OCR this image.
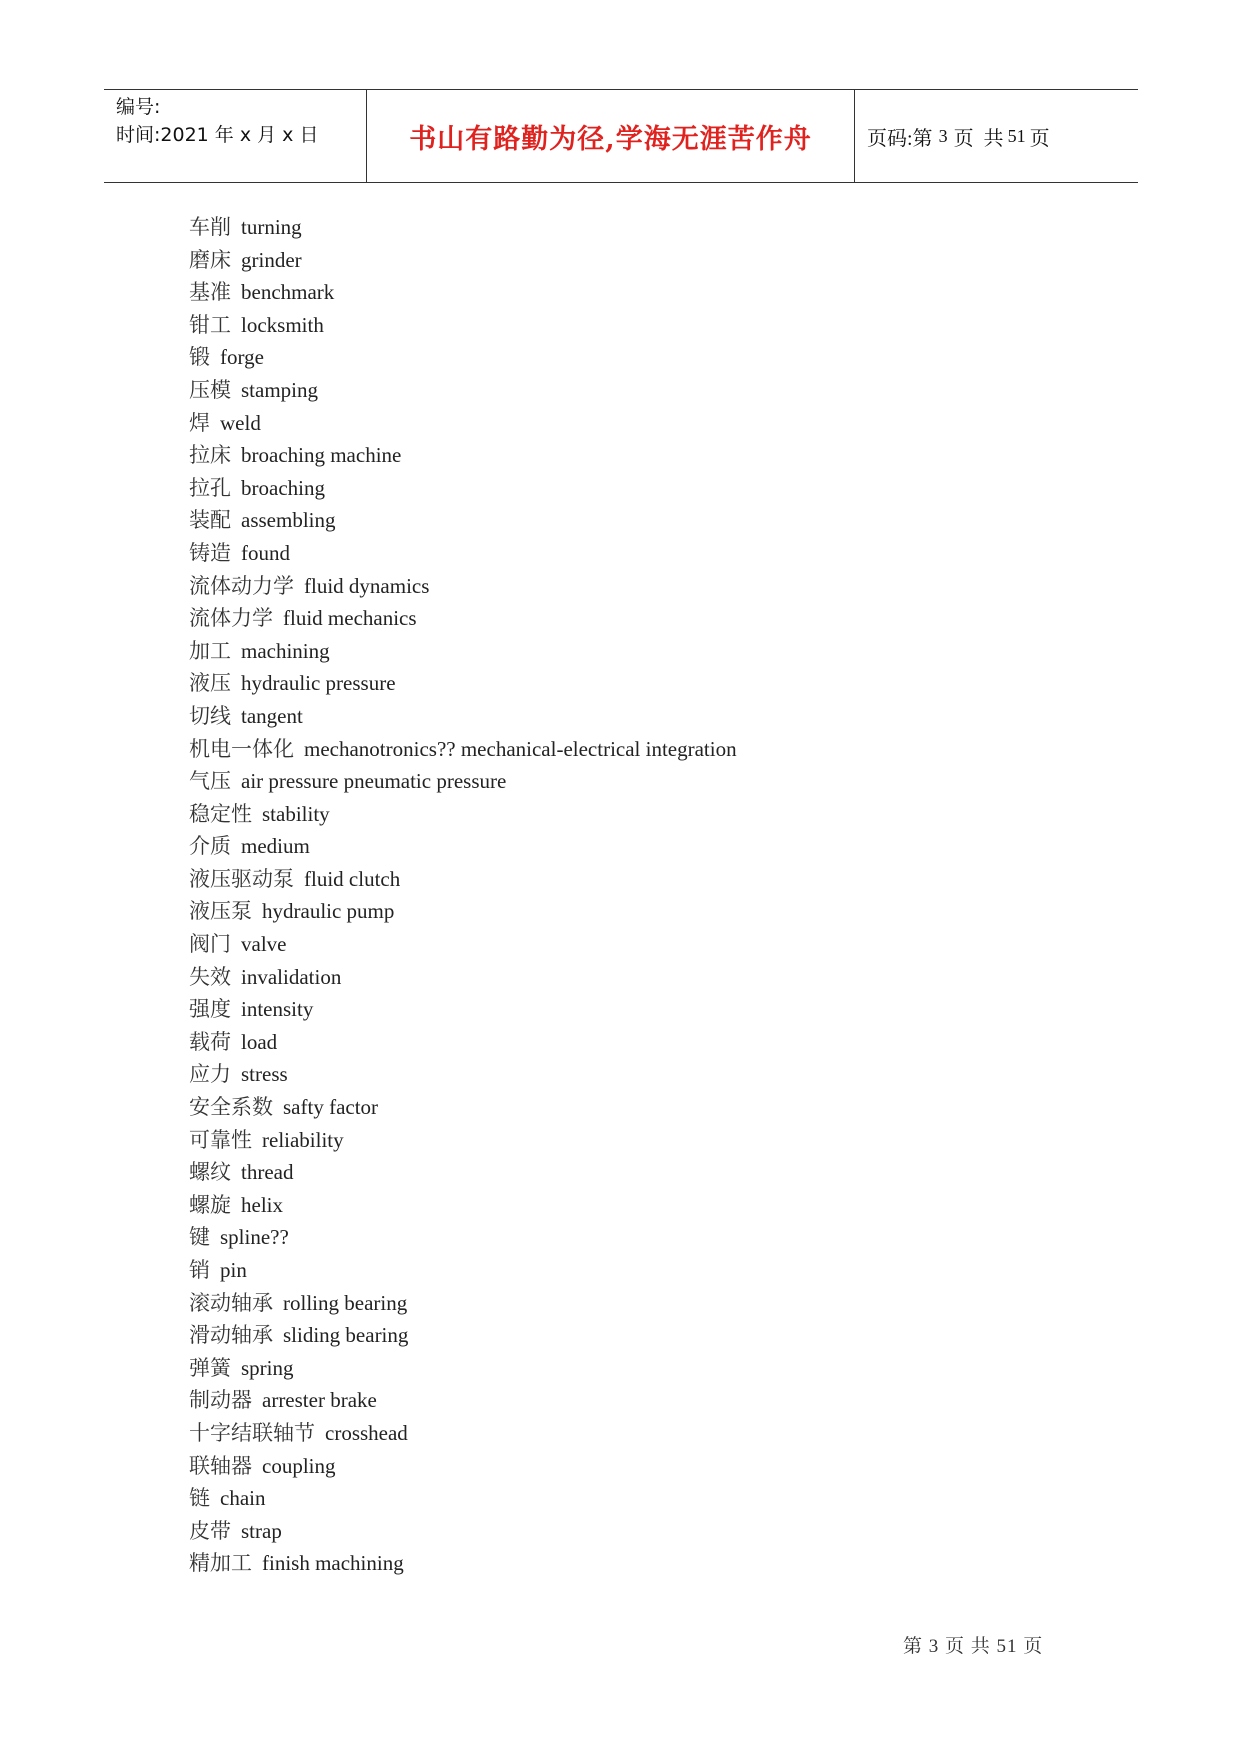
编号:
时间:2021 年 x 月 x 日	书山有路勤为径,学海无涯苦作舟	页码:第 3 页  共 51 页
车削 turning
磨床 grinder
基准 benchmark
钳工 locksmith
锻 forge
压模 stamping
焊 weld
拉床 broaching machine
拉孔 broaching
装配 assembling
铸造 found
流体动力学 fluid dynamics
流体力学 fluid mechanics
加工 machining
液压 hydraulic pressure
切线 tangent
机电一体化 mechanotronics?? mechanical-electrical integration
气压 air pressure pneumatic pressure
稳定性 stability
介质 medium
液压驱动泵 fluid clutch
液压泵 hydraulic pump
阀门 valve
失效 invalidation
强度 intensity
载荷 load
应力 stress
安全系数 safty factor
可靠性 reliability
螺纹 thread
螺旋 helix
键 spline??
销 pin
滚动轴承 rolling bearing
滑动轴承 sliding bearing
弹簧 spring
制动器 arrester brake
十字结联轴节 crosshead
联轴器 coupling
链 chain
皮带 strap
精加工 finish machining
第 3 页 共 51 页
